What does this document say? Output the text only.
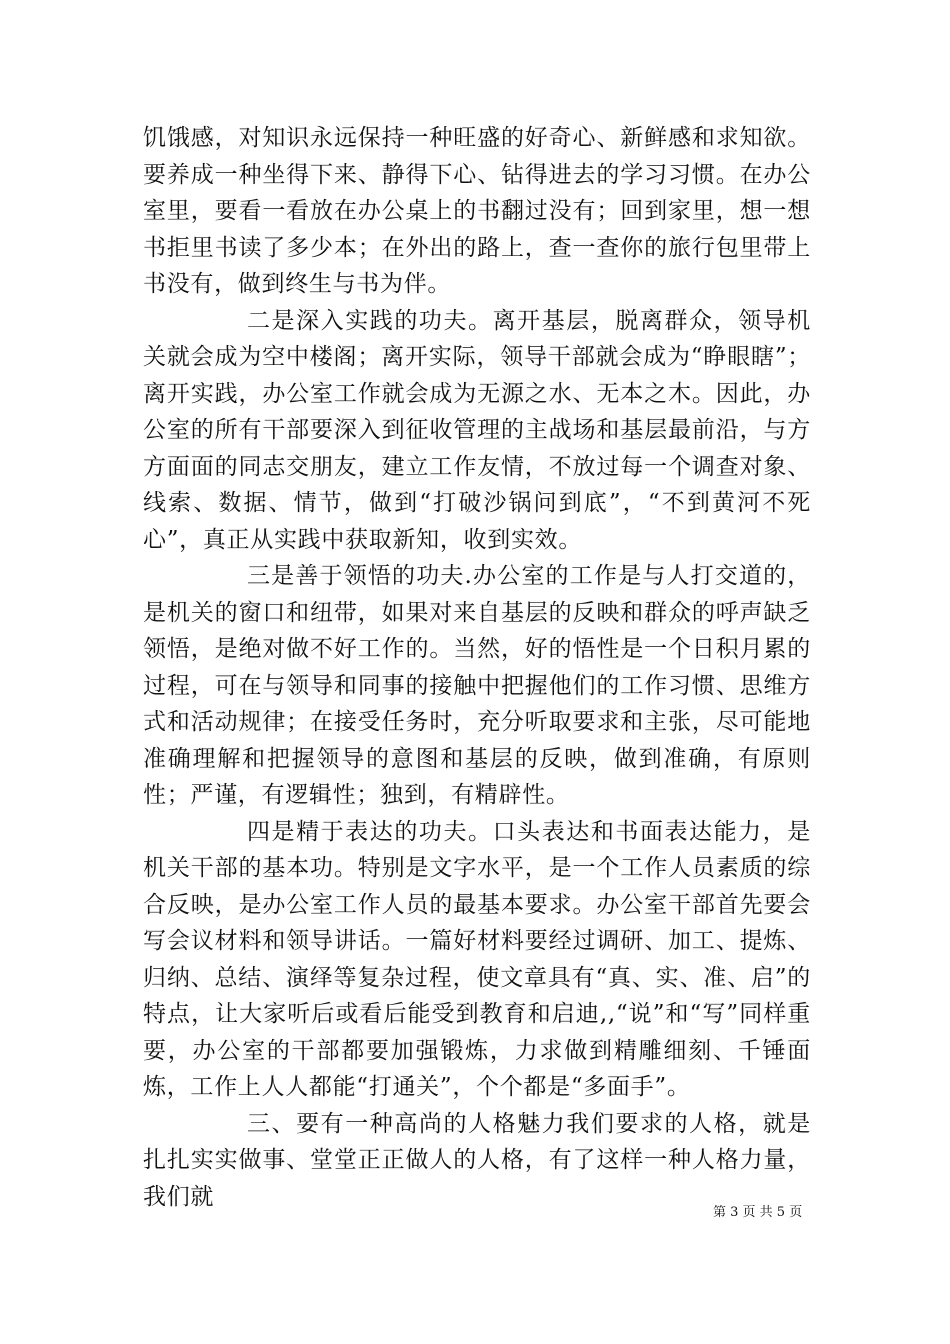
饥饿感，对知识永远保持一种旺盛的好奇心、新鲜感和求知欲。要养成一种坐得下来、静得下心、钻得进去的学习习惯。在办公室里，要看一看放在办公桌上的书翻过没有；回到家里，想一想书拒里书读了多少本；在外出的路上，查一查你的旅行包里带上书没有，做到终生与书为伴。

二是深入实践的功夫。离开基层，脱离群众，领导机关就会成为空中楼阁；离开实际，领导干部就会成为“睁眼瞎”；离开实践，办公室工作就会成为无源之水、无本之木。因此，办公室的所有干部要深入到征收管理的主战场和基层最前沿，与方方面面的同志交朋友，建立工作友情，不放过每一个调查对象、线索、数据、情节，做到“打破沙锅问到底”，“不到黄河不死心”，真正从实践中获取新知，收到实效。

三是善于领悟的功夫.办公室的工作是与人打交道的，是机关的窗口和纽带，如果对来自基层的反映和群众的呼声缺乏领悟，是绝对做不好工作的。当然，好的悟性是一个日积月累的过程，可在与领导和同事的接触中把握他们的工作习惯、思维方式和活动规律；在接受任务时，充分听取要求和主张，尽可能地准确理解和把握领导的意图和基层的反映，做到准确，有原则性；严谨，有逻辑性；独到，有精辟性。

四是精于表达的功夫。口头表达和书面表达能力，是机关干部的基本功。特别是文字水平，是一个工作人员素质的综合反映，是办公室工作人员的最基本要求。办公室干部首先要会写会议材料和领导讲话。一篇好材料要经过调研、加工、提炼、归纳、总结、演绎等复杂过程，使文章具有“真、实、准、启”的特点，让大家听后或看后能受到教育和启迪,,“说”和“写”同样重要，办公室的干部都要加强锻炼，力求做到精雕细刻、千锤面炼，工作上人人都能“打通关”，个个都是“多面手”。

三、要有一种高尚的人格魅力我们要求的人格，就是扎扎实实做事、堂堂正正做人的人格，有了这样一种人格力量，我们就

第 3 页 共 5 页
